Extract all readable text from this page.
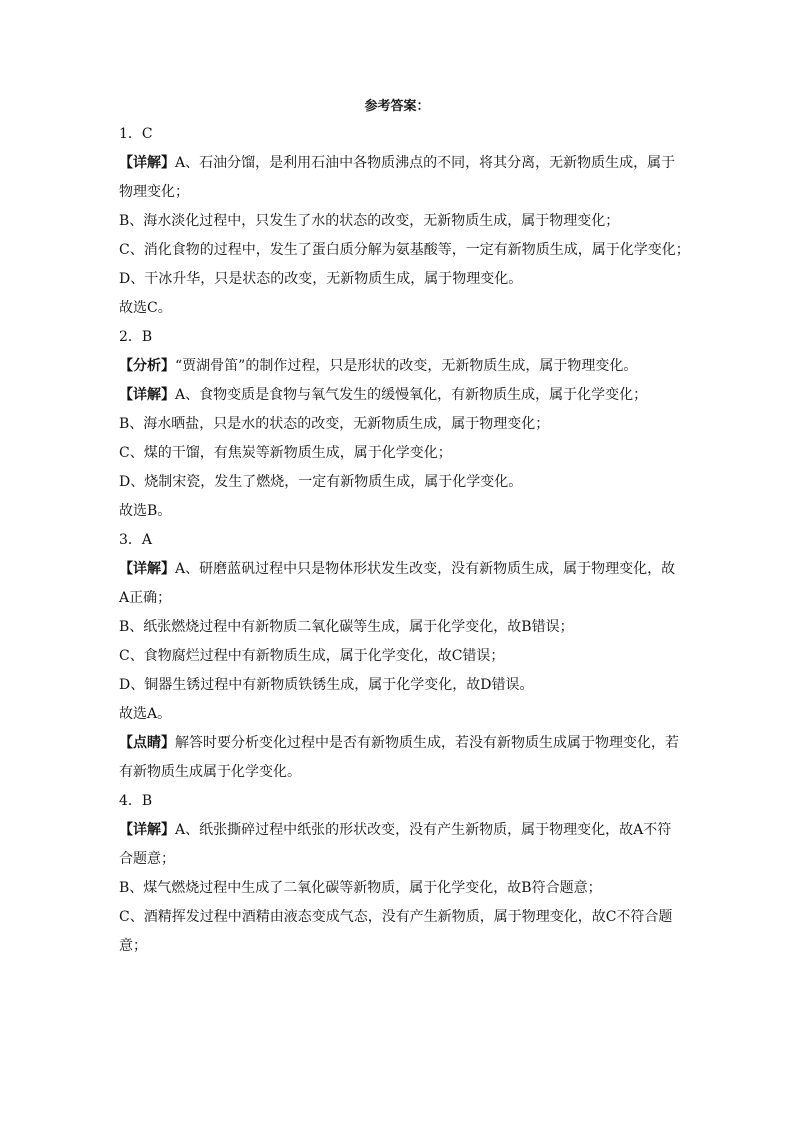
参考答案：
1．C
【详解】A、石油分馏，是利用石油中各物质沸点的不同，将其分离，无新物质生成，属于
物理变化；
B、海水淡化过程中，只发生了水的状态的改变，无新物质生成，属于物理变化；
C、消化食物的过程中，发生了蛋白质分解为氨基酸等，一定有新物质生成，属于化学变化；
D、干冰升华，只是状态的改变，无新物质生成，属于物理变化。
故选C。
2．B
【分析】“贾湖骨笛”的制作过程，只是形状的改变，无新物质生成，属于物理变化。
【详解】A、食物变质是食物与氧气发生的缓慢氧化，有新物质生成，属于化学变化；
B、海水晒盐，只是水的状态的改变，无新物质生成，属于物理变化；
C、煤的干馏，有焦炭等新物质生成，属于化学变化；
D、烧制宋瓷，发生了燃烧，一定有新物质生成，属于化学变化。
故选B。
3．A
【详解】A、研磨蓝矾过程中只是物体形状发生改变，没有新物质生成，属于物理变化，故
A正确；
B、纸张燃烧过程中有新物质二氧化碳等生成，属于化学变化，故B错误；
C、食物腐烂过程中有新物质生成，属于化学变化，故C错误；
D、铜器生锈过程中有新物质铁锈生成，属于化学变化，故D错误。
故选A。
【点睛】解答时要分析变化过程中是否有新物质生成，若没有新物质生成属于物理变化，若
有新物质生成属于化学变化。
4．B
【详解】A、纸张撕碎过程中纸张的形状改变，没有产生新物质，属于物理变化，故A不符
合题意；
B、煤气燃烧过程中生成了二氧化碳等新物质，属于化学变化，故B符合题意；
C、酒精挥发过程中酒精由液态变成气态，没有产生新物质，属于物理变化，故C不符合题
意；
